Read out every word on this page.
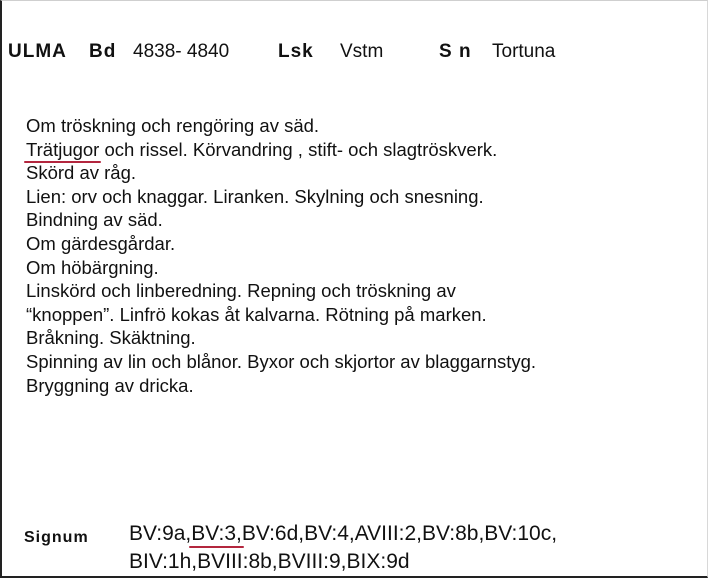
ULMA Bd 4838- 4840	Lsk Vstm	S n Tortuna
Om tröskning och rengöring av säd.
Trätjugor och rissel. Körvandring , stift- och slagtröskverk.
Skörd av råg.
Lien: orv och knaggar. Liranken. Skylning och snesning.
Bindning av säd.
Om gärdesgårdar.
Om höbärgning.
Linskörd och linberedning. Repning och tröskning av
“knoppen”. Linfrö kokas åt kalvarna. Rötning på marken.
Bråkning. Skäktning.
Spinning av lin och blånor. Byxor och skjortor av blaggarnstyg.
Bryggning av dricka.
Signum BV:9a,BV:3,BV:6d,BV:4,AVIII:2,BV:8b,BV:10c,
BIV:1h,BVIII:8b,BVIII:9,BIX:9d
